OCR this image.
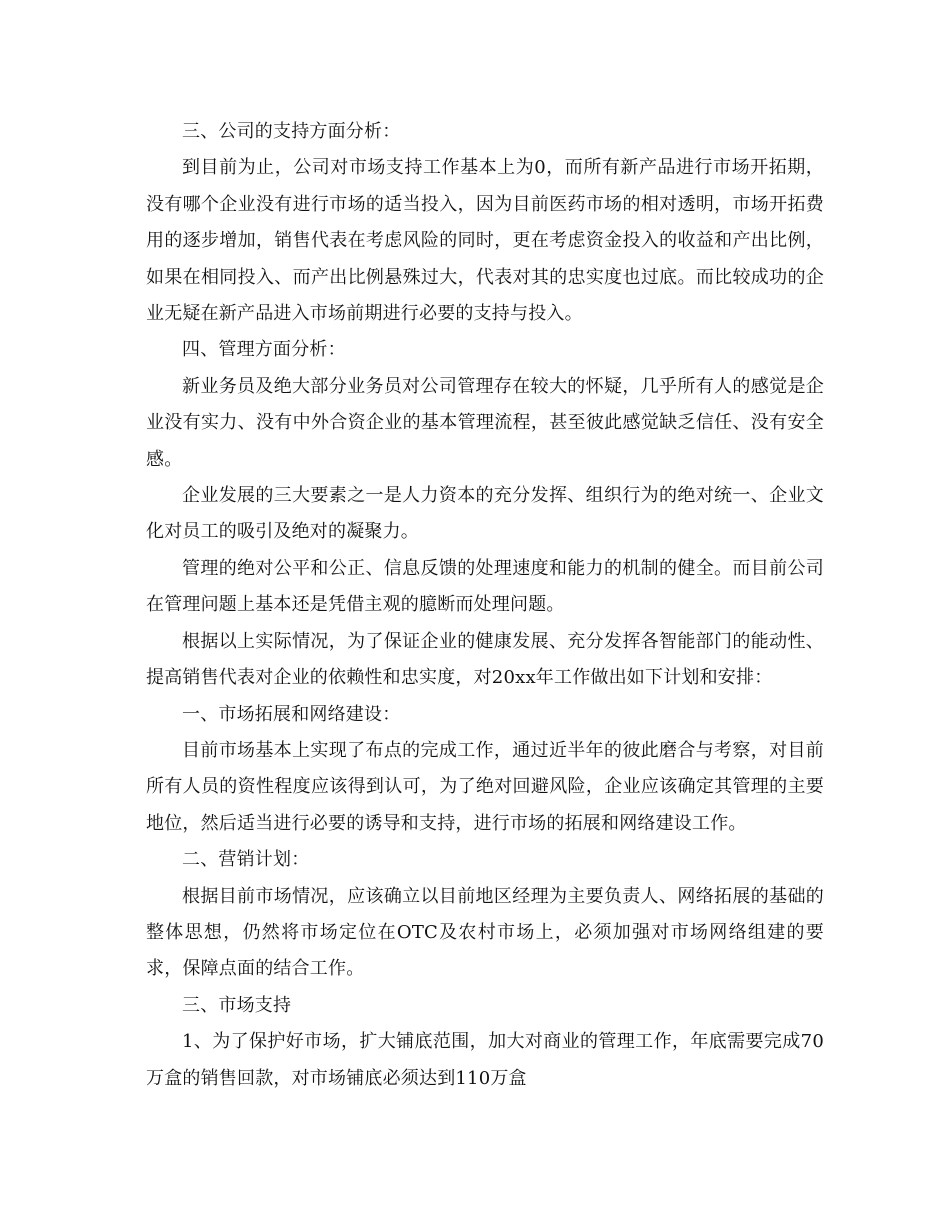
三、公司的支持方面分析：

到目前为止，公司对市场支持工作基本上为0，而所有新产品进行市场开拓期，没有哪个企业没有进行市场的适当投入，因为目前医药市场的相对透明，市场开拓费用的逐步增加，销售代表在考虑风险的同时，更在考虑资金投入的收益和产出比例，如果在相同投入、而产出比例悬殊过大，代表对其的忠实度也过底。而比较成功的企业无疑在新产品进入市场前期进行必要的支持与投入。

四、管理方面分析：

新业务员及绝大部分业务员对公司管理存在较大的怀疑，几乎所有人的感觉是企业没有实力、没有中外合资企业的基本管理流程，甚至彼此感觉缺乏信任、没有安全感。

企业发展的三大要素之一是人力资本的充分发挥、组织行为的绝对统一、企业文化对员工的吸引及绝对的凝聚力。

管理的绝对公平和公正、信息反馈的处理速度和能力的机制的健全。而目前公司在管理问题上基本还是凭借主观的臆断而处理问题。

根据以上实际情况，为了保证企业的健康发展、充分发挥各智能部门的能动性、提高销售代表对企业的依赖性和忠实度，对20xx年工作做出如下计划和安排：

一、市场拓展和网络建设：

目前市场基本上实现了布点的完成工作，通过近半年的彼此磨合与考察，对目前所有人员的资性程度应该得到认可，为了绝对回避风险，企业应该确定其管理的主要地位，然后适当进行必要的诱导和支持，进行市场的拓展和网络建设工作。

二、营销计划：

根据目前市场情况，应该确立以目前地区经理为主要负责人、网络拓展的基础的整体思想，仍然将市场定位在OTC及农村市场上，必须加强对市场网络组建的要求，保障点面的结合工作。

三、市场支持

1、为了保护好市场，扩大铺底范围，加大对商业的管理工作，年底需要完成70万盒的销售回款，对市场铺底必须达到110万盒
